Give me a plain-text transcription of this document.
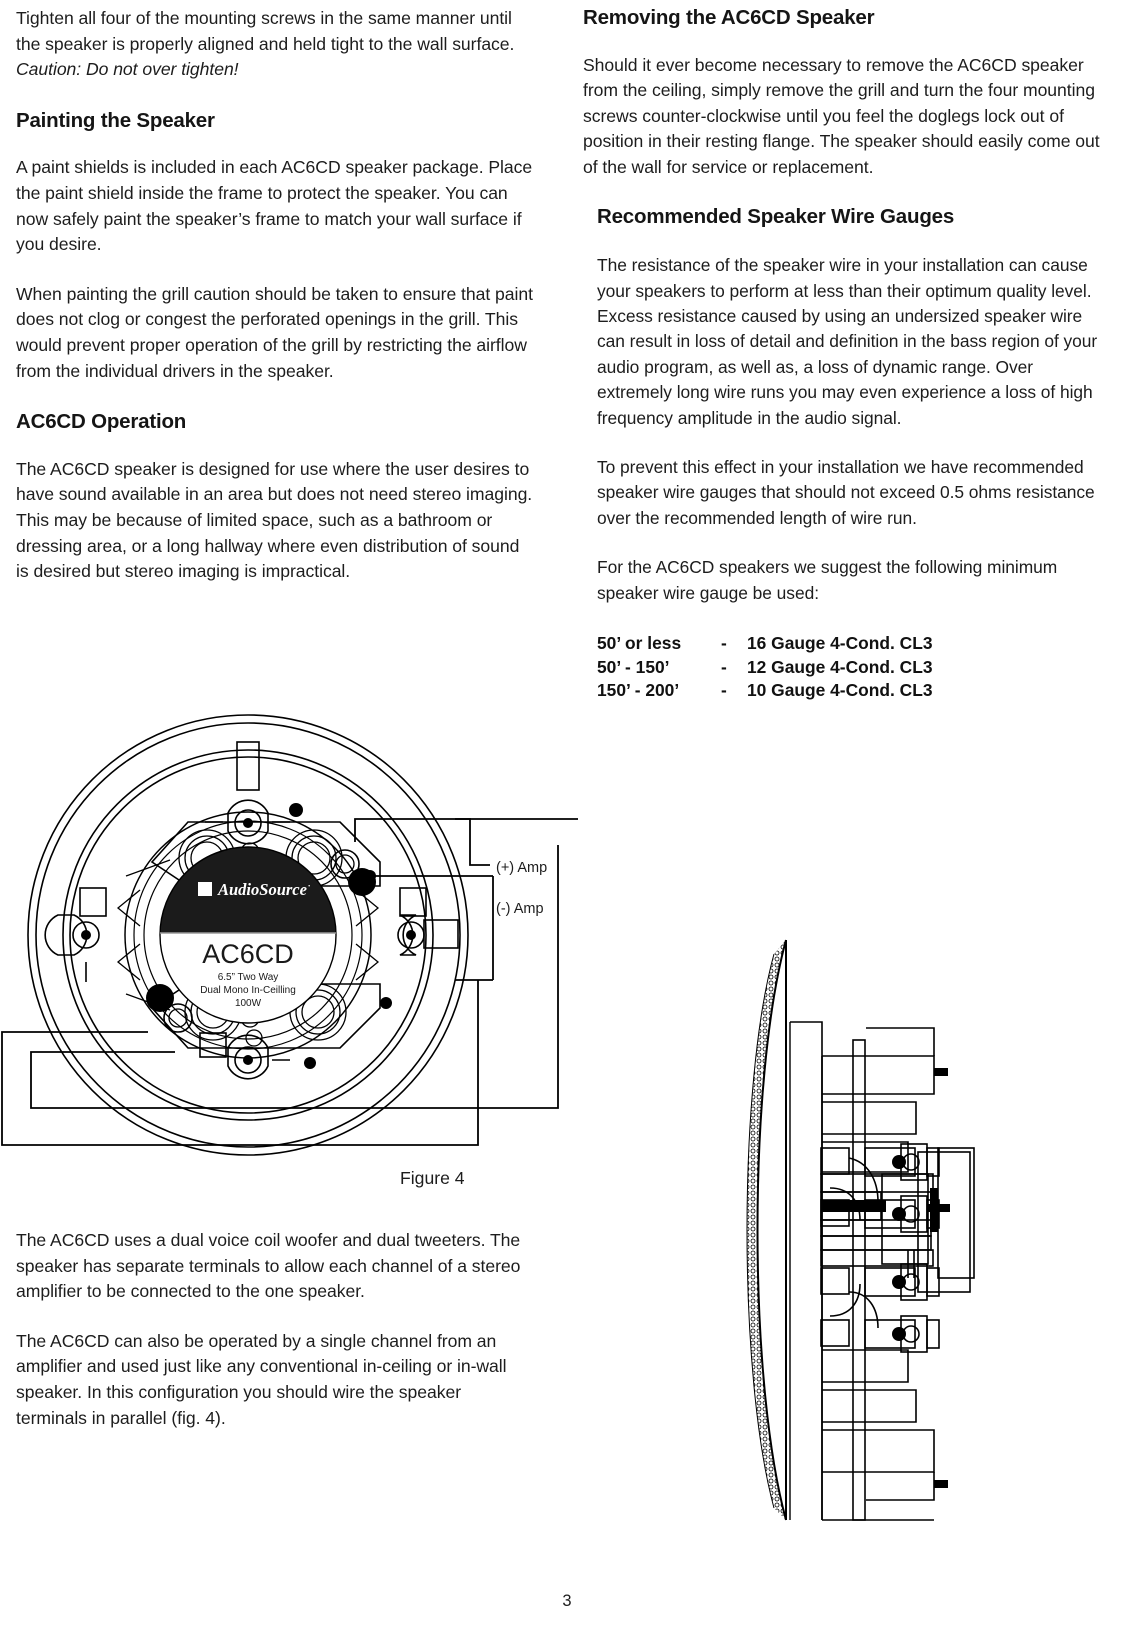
Tighten all four of the mounting screws in the same manner until the speaker is properly aligned and held tight to the wall surface. Caution: Do not over tighten!

Painting the Speaker

A paint shields is included in each AC6CD speaker package. Place the paint shield inside the frame to protect the speaker. You can now safely paint the speaker’s frame to match your wall surface if you desire.

When painting the grill caution should be taken to ensure that paint does not clog or congest the perforated openings in the grill. This would prevent proper operation of the grill by restricting the airflow from the individual drivers in the speaker.

AC6CD Operation

The AC6CD speaker is designed for use where the user desires to have sound available in an area but does not need stereo imaging. This may be because of limited space, such as a bathroom or dressing area, or a long hallway where even distribution of sound is desired but stereo imaging is impractical.

Removing the AC6CD Speaker

Should it ever become necessary to remove the AC6CD speaker from the ceiling, simply remove the grill and turn the four mounting screws counter-clockwise until you feel the doglegs lock out of position in their resting flange. The speaker should easily come out of the wall for service or replacement.

Recommended Speaker Wire Gauges

The resistance of the speaker wire in your installation can cause your speakers to perform at less than their optimum quality level. Excess resistance caused by using an undersized speaker wire can result in loss of detail and definition in the bass region of your audio program, as well as, a loss of dynamic range. Over extremely long wire runs you may even experience a loss of high frequency amplitude in the audio signal.

To prevent this effect in your installation we have recommended speaker wire gauges that should not exceed 0.5 ohms resistance over the recommended length of wire run.

For the AC6CD speakers we suggest the following minimum speaker wire gauge be used:

50’ or less	-	16 Gauge 4-Cond. CL3
50’ - 150’	-	12 Gauge 4-Cond. CL3
150’ - 200’	-	10 Gauge 4-Cond. CL3
AudioSource ·
AC6CD
6.5” Two Way
Dual Mono In-Ceilling
100W
(+) Amp
(-) Amp
Figure 4

The AC6CD uses a dual voice coil woofer and dual tweeters. The speaker has separate terminals to allow each channel of a stereo amplifier to be connected to the one speaker.

The AC6CD can also be operated by a single channel from an amplifier and used just like any conventional in-ceiling or in-wall speaker. In this configuration you should wire the speaker terminals in parallel (fig. 4).

3
